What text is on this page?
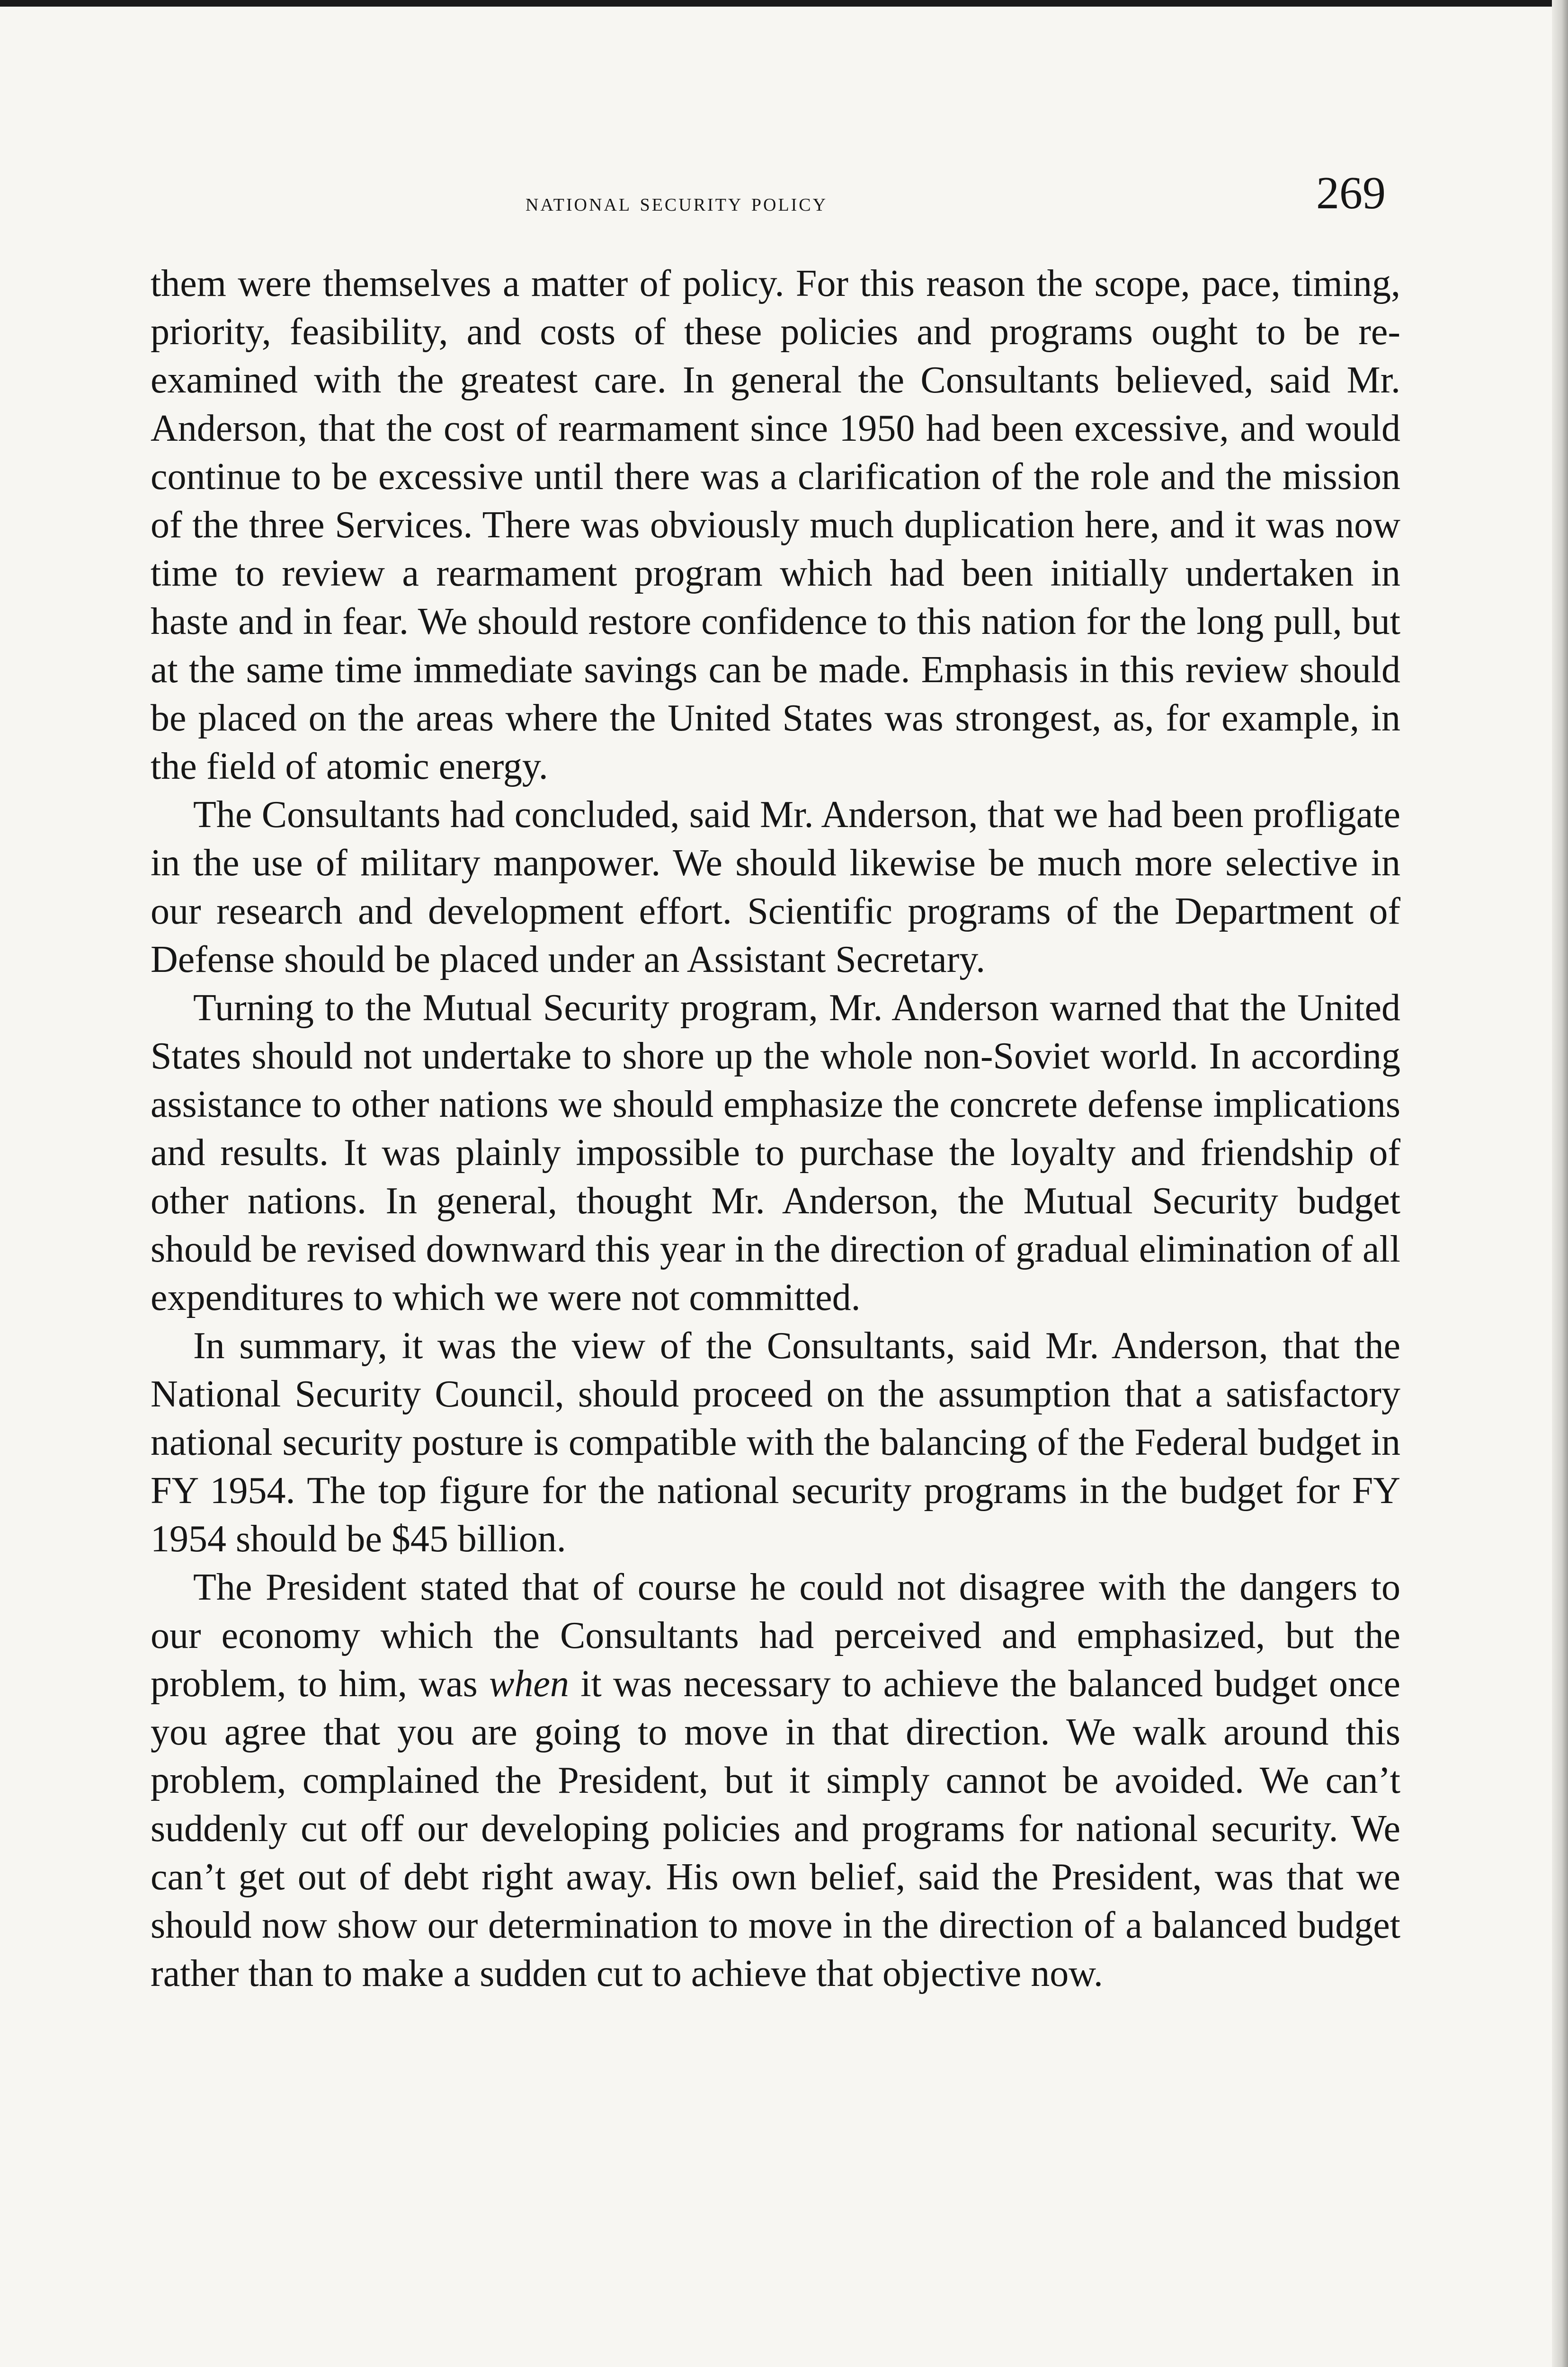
national security policy	269

them were themselves a matter of policy. For this reason the scope, pace, timing, priority, feasibility, and costs of these policies and programs ought to be re-examined with the greatest care. In general the Consultants believed, said Mr. Anderson, that the cost of rearmament since 1950 had been excessive, and would continue to be excessive until there was a clarification of the role and the mission of the three Services. There was obviously much duplication here, and it was now time to review a rearmament program which had been initially undertaken in haste and in fear. We should restore confidence to this nation for the long pull, but at the same time immediate savings can be made. Emphasis in this review should be placed on the areas where the United States was strongest, as, for example, in the field of atomic energy.

The Consultants had concluded, said Mr. Anderson, that we had been profligate in the use of military manpower. We should likewise be much more selective in our research and development effort. Scientific programs of the Department of Defense should be placed under an Assistant Secretary.

Turning to the Mutual Security program, Mr. Anderson warned that the United States should not undertake to shore up the whole non-Soviet world. In according assistance to other nations we should emphasize the concrete defense implications and results. It was plainly impossible to purchase the loyalty and friendship of other nations. In general, thought Mr. Anderson, the Mutual Security budget should be revised downward this year in the direction of gradual elimination of all expenditures to which we were not committed.

In summary, it was the view of the Consultants, said Mr. Anderson, that the National Security Council, should proceed on the assumption that a satisfactory national security posture is compatible with the balancing of the Federal budget in FY 1954. The top figure for the national security programs in the budget for FY 1954 should be $45 billion.

The President stated that of course he could not disagree with the dangers to our economy which the Consultants had perceived and emphasized, but the problem, to him, was when it was necessary to achieve the balanced budget once you agree that you are going to move in that direction. We walk around this problem, complained the President, but it simply cannot be avoided. We can’t suddenly cut off our developing policies and programs for national security. We can’t get out of debt right away. His own belief, said the President, was that we should now show our determination to move in the direction of a balanced budget rather than to make a sudden cut to achieve that objective now.
